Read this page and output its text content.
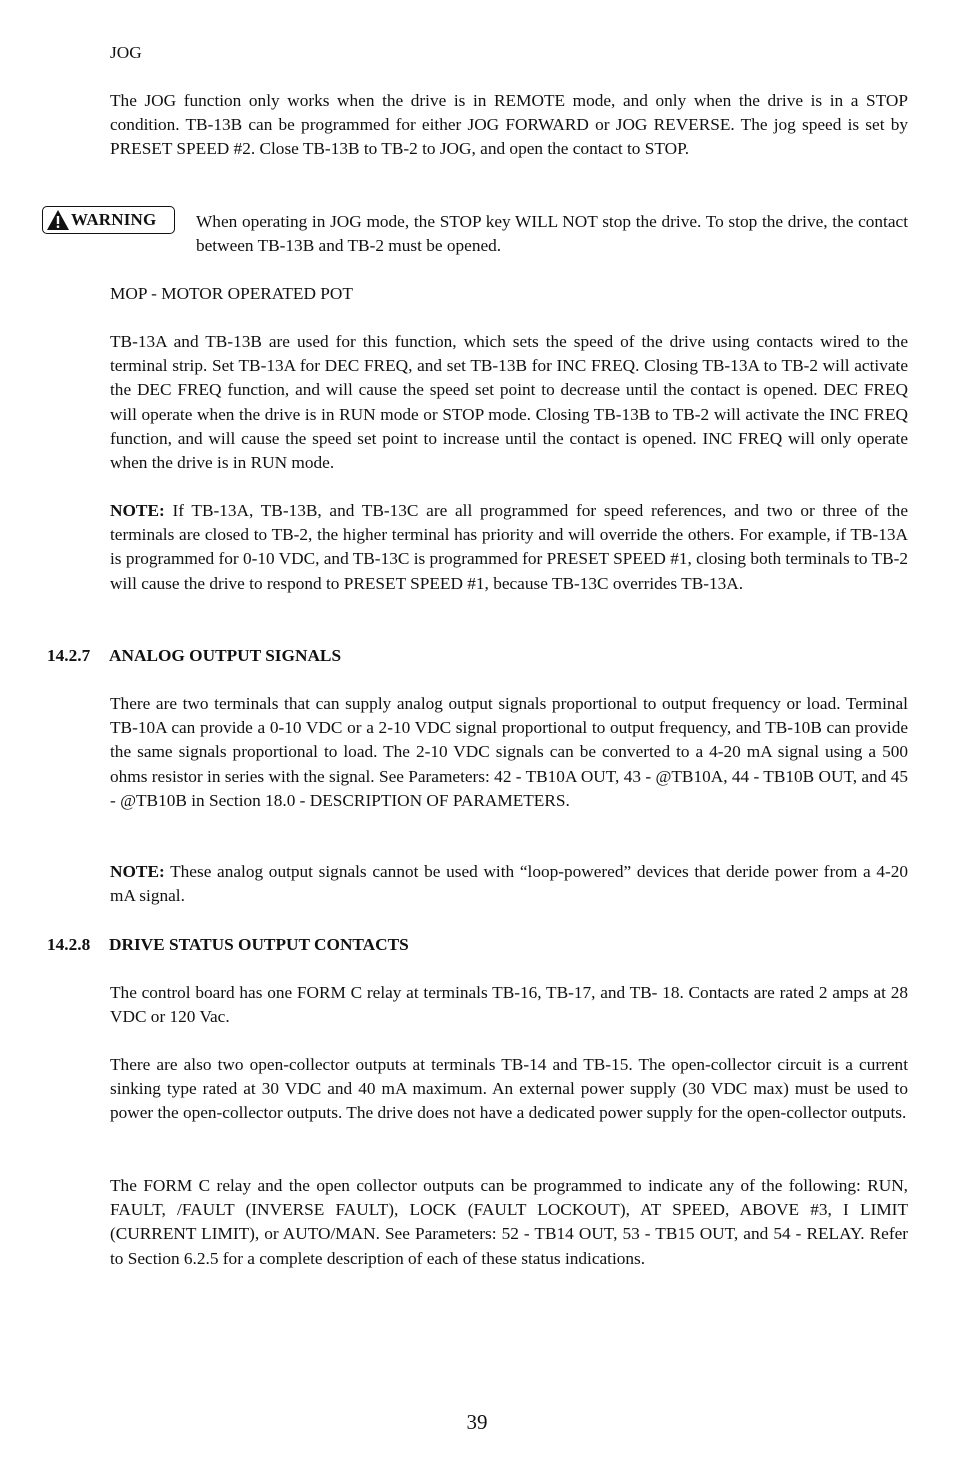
JOG

The JOG function only works when the drive is in REMOTE mode, and only when the drive is in a STOP condition. TB-13B can be programmed for either JOG FORWARD or JOG REVERSE. The jog speed is set by PRESET SPEED #2. Close TB-13B to TB-2 to JOG, and open the contact to STOP.

WARNING When operating in JOG mode, the STOP key WILL NOT stop the drive. To stop the drive, the contact between TB-13B and TB-2 must be opened.

MOP - MOTOR OPERATED POT

TB-13A and TB-13B are used for this function, which sets the speed of the drive using contacts wired to the terminal strip. Set TB-13A for DEC FREQ, and set TB-13B for INC FREQ. Closing TB-13A to TB-2 will activate the DEC FREQ function, and will cause the speed set point to decrease until the contact is opened. DEC FREQ will operate when the drive is in RUN mode or STOP mode. Closing TB-13B to TB-2 will activate the INC FREQ function, and will cause the speed set point to increase until the contact is opened. INC FREQ will only operate when the drive is in RUN mode.

NOTE: If TB-13A, TB-13B, and TB-13C are all programmed for speed references, and two or three of the terminals are closed to TB-2, the higher terminal has priority and will override the others. For example, if TB-13A is programmed for 0-10 VDC, and TB-13C is programmed for PRESET SPEED #1, closing both terminals to TB-2 will cause the drive to respond to PRESET SPEED #1, because TB-13C overrides TB-13A.

14.2.7 ANALOG OUTPUT SIGNALS

There are two terminals that can supply analog output signals proportional to output frequency or load. Terminal TB-10A can provide a 0-10 VDC or a 2-10 VDC signal proportional to output frequency, and TB-10B can provide the same signals proportional to load. The 2-10 VDC signals can be converted to a 4-20 mA signal using a 500 ohms resistor in series with the signal. See Parameters: 42 - TB10A OUT, 43 - @TB10A, 44 - TB10B OUT, and 45 - @TB10B in Section 18.0 - DESCRIPTION OF PARAMETERS.

NOTE: These analog output signals cannot be used with “loop-powered” devices that deride power from a 4-20 mA signal.

14.2.8 DRIVE STATUS OUTPUT CONTACTS

The control board has one FORM C relay at terminals TB-16, TB-17, and TB- 18. Contacts are rated 2 amps at 28 VDC or 120 Vac.

There are also two open-collector outputs at terminals TB-14 and TB-15. The open-collector circuit is a current sinking type rated at 30 VDC and 40 mA maximum. An external power supply (30 VDC max) must be used to power the open-collector outputs. The drive does not have a dedicated power supply for the open-collector outputs.

The FORM C relay and the open collector outputs can be programmed to indicate any of the following: RUN, FAULT, /FAULT (INVERSE FAULT), LOCK (FAULT LOCKOUT), AT SPEED, ABOVE #3, I LIMIT (CURRENT LIMIT), or AUTO/MAN. See Parameters: 52 - TB14 OUT, 53 - TB15 OUT, and 54 - RELAY. Refer to Section 6.2.5 for a complete description of each of these status indications.

39
